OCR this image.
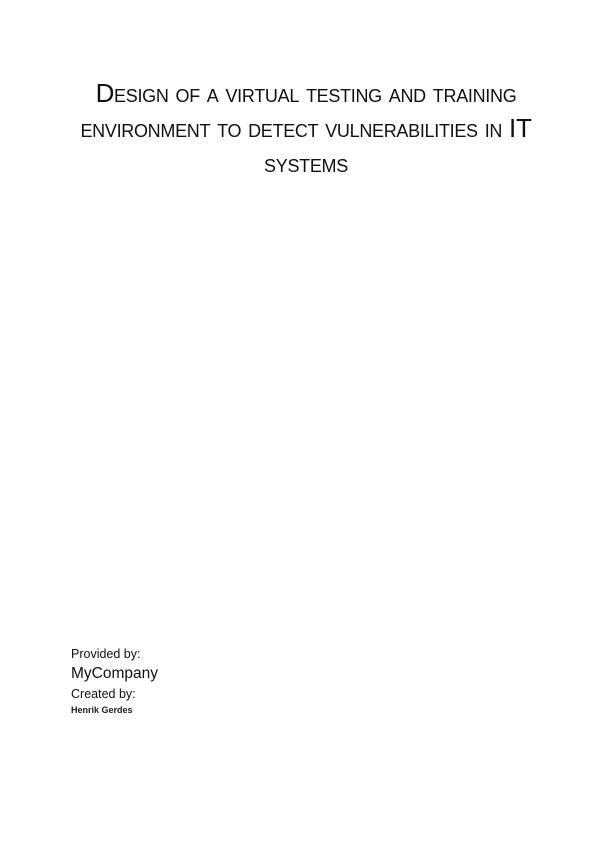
Design of a virtual testing and training environment to detect vulnerabilities in IT systems
Provided by:
MyCompany
Created by:
Henrik Gerdes
